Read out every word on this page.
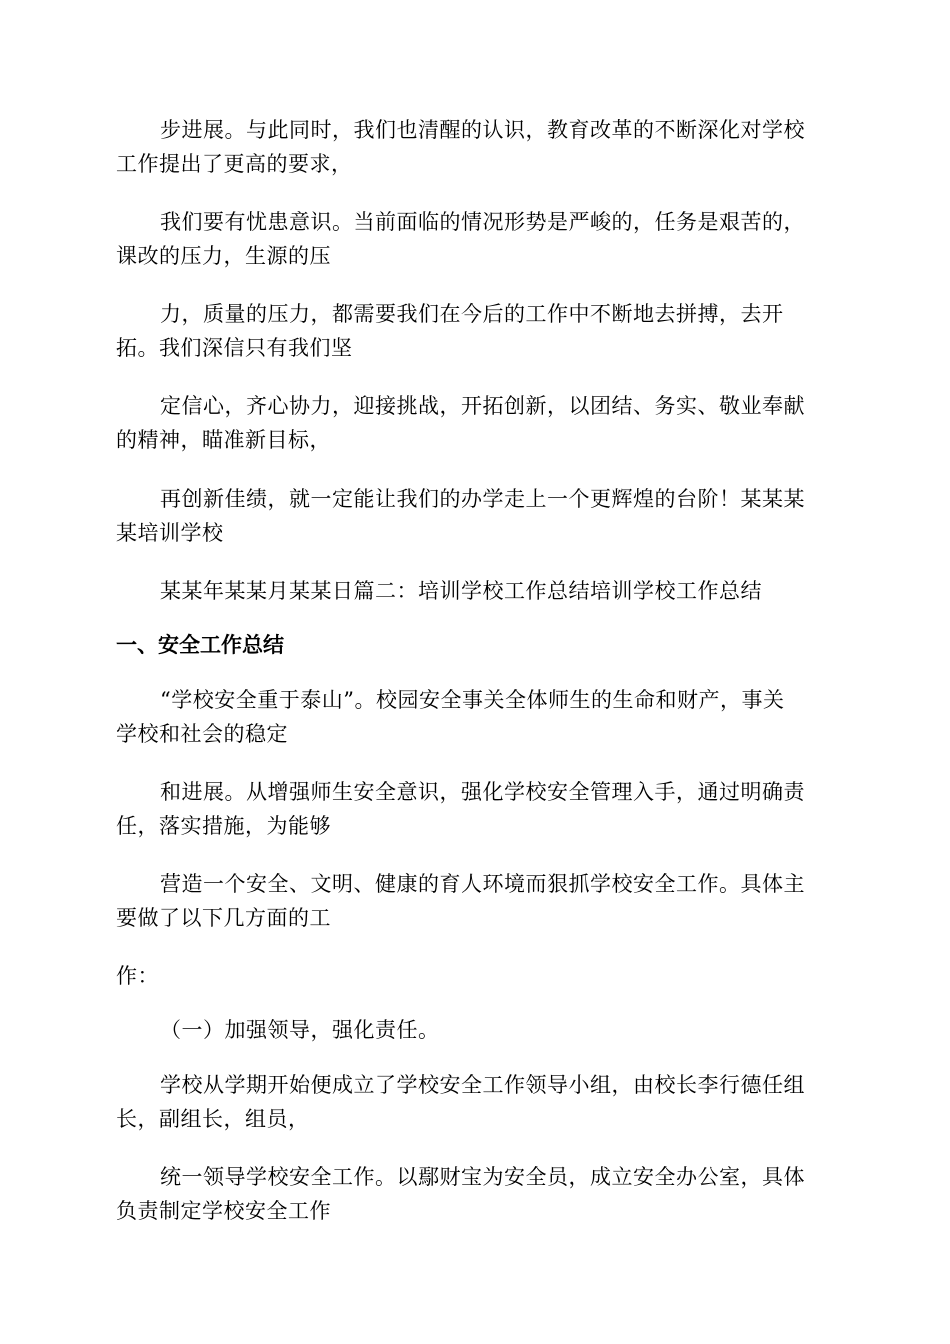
步进展。与此同时，我们也清醒的认识，教育改革的不断深化对学校
工作提出了更高的要求，

我们要有忧患意识。当前面临的情况形势是严峻的，任务是艰苦的，
课改的压力，生源的压

力，质量的压力，都需要我们在今后的工作中不断地去拼搏，去开
拓。我们深信只有我们坚

定信心，齐心协力，迎接挑战，开拓创新，以团结、务实、敬业奉献
的精神，瞄准新目标，

再创新佳绩，就一定能让我们的办学走上一个更辉煌的台阶！某某某
某培训学校

某某年某某月某某日篇二：培训学校工作总结培训学校工作总结

一、安全工作总结

“学校安全重于泰山”。校园安全事关全体师生的生命和财产，事关
学校和社会的稳定

和进展。从增强师生安全意识，强化学校安全管理入手，通过明确责
任，落实措施，为能够

营造一个安全、文明、健康的育人环境而狠抓学校安全工作。具体主
要做了以下几方面的工

作：

（一）加强领导，强化责任。

学校从学期开始便成立了学校安全工作领导小组，由校长李行德任组
长，副组长，组员，

统一领导学校安全工作。以鄢财宝为安全员，成立安全办公室，具体
负责制定学校安全工作
